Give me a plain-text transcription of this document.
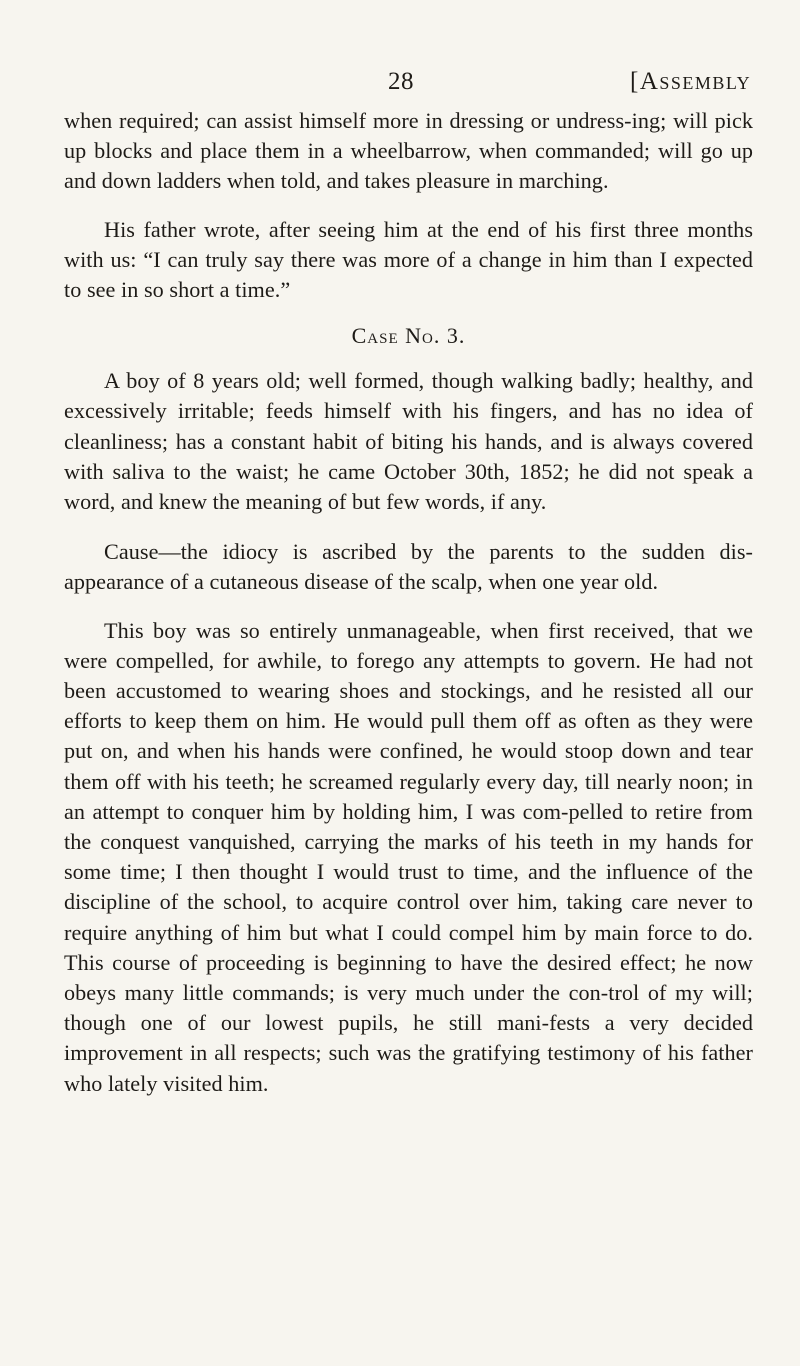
28	[Assembly

when required; can assist himself more in dressing or undress-ing; will pick up blocks and place them in a wheelbarrow, when commanded; will go up and down ladders when told, and takes pleasure in marching.

His father wrote, after seeing him at the end of his first three months with us: “I can truly say there was more of a change in him than I expected to see in so short a time.”

Case No. 3.

A boy of 8 years old; well formed, though walking badly; healthy, and excessively irritable; feeds himself with his fingers, and has no idea of cleanliness; has a constant habit of biting his hands, and is always covered with saliva to the waist; he came October 30th, 1852; he did not speak a word, and knew the meaning of but few words, if any.

Cause—the idiocy is ascribed by the parents to the sudden dis-appearance of a cutaneous disease of the scalp, when one year old.

This boy was so entirely unmanageable, when first received, that we were compelled, for awhile, to forego any attempts to govern. He had not been accustomed to wearing shoes and stockings, and he resisted all our efforts to keep them on him. He would pull them off as often as they were put on, and when his hands were confined, he would stoop down and tear them off with his teeth; he screamed regularly every day, till nearly noon; in an attempt to conquer him by holding him, I was com-pelled to retire from the conquest vanquished, carrying the marks of his teeth in my hands for some time; I then thought I would trust to time, and the influence of the discipline of the school, to acquire control over him, taking care never to require anything of him but what I could compel him by main force to do. This course of proceeding is beginning to have the desired effect; he now obeys many little commands; is very much under the con-trol of my will; though one of our lowest pupils, he still mani-fests a very decided improvement in all respects; such was the gratifying testimony of his father who lately visited him.
